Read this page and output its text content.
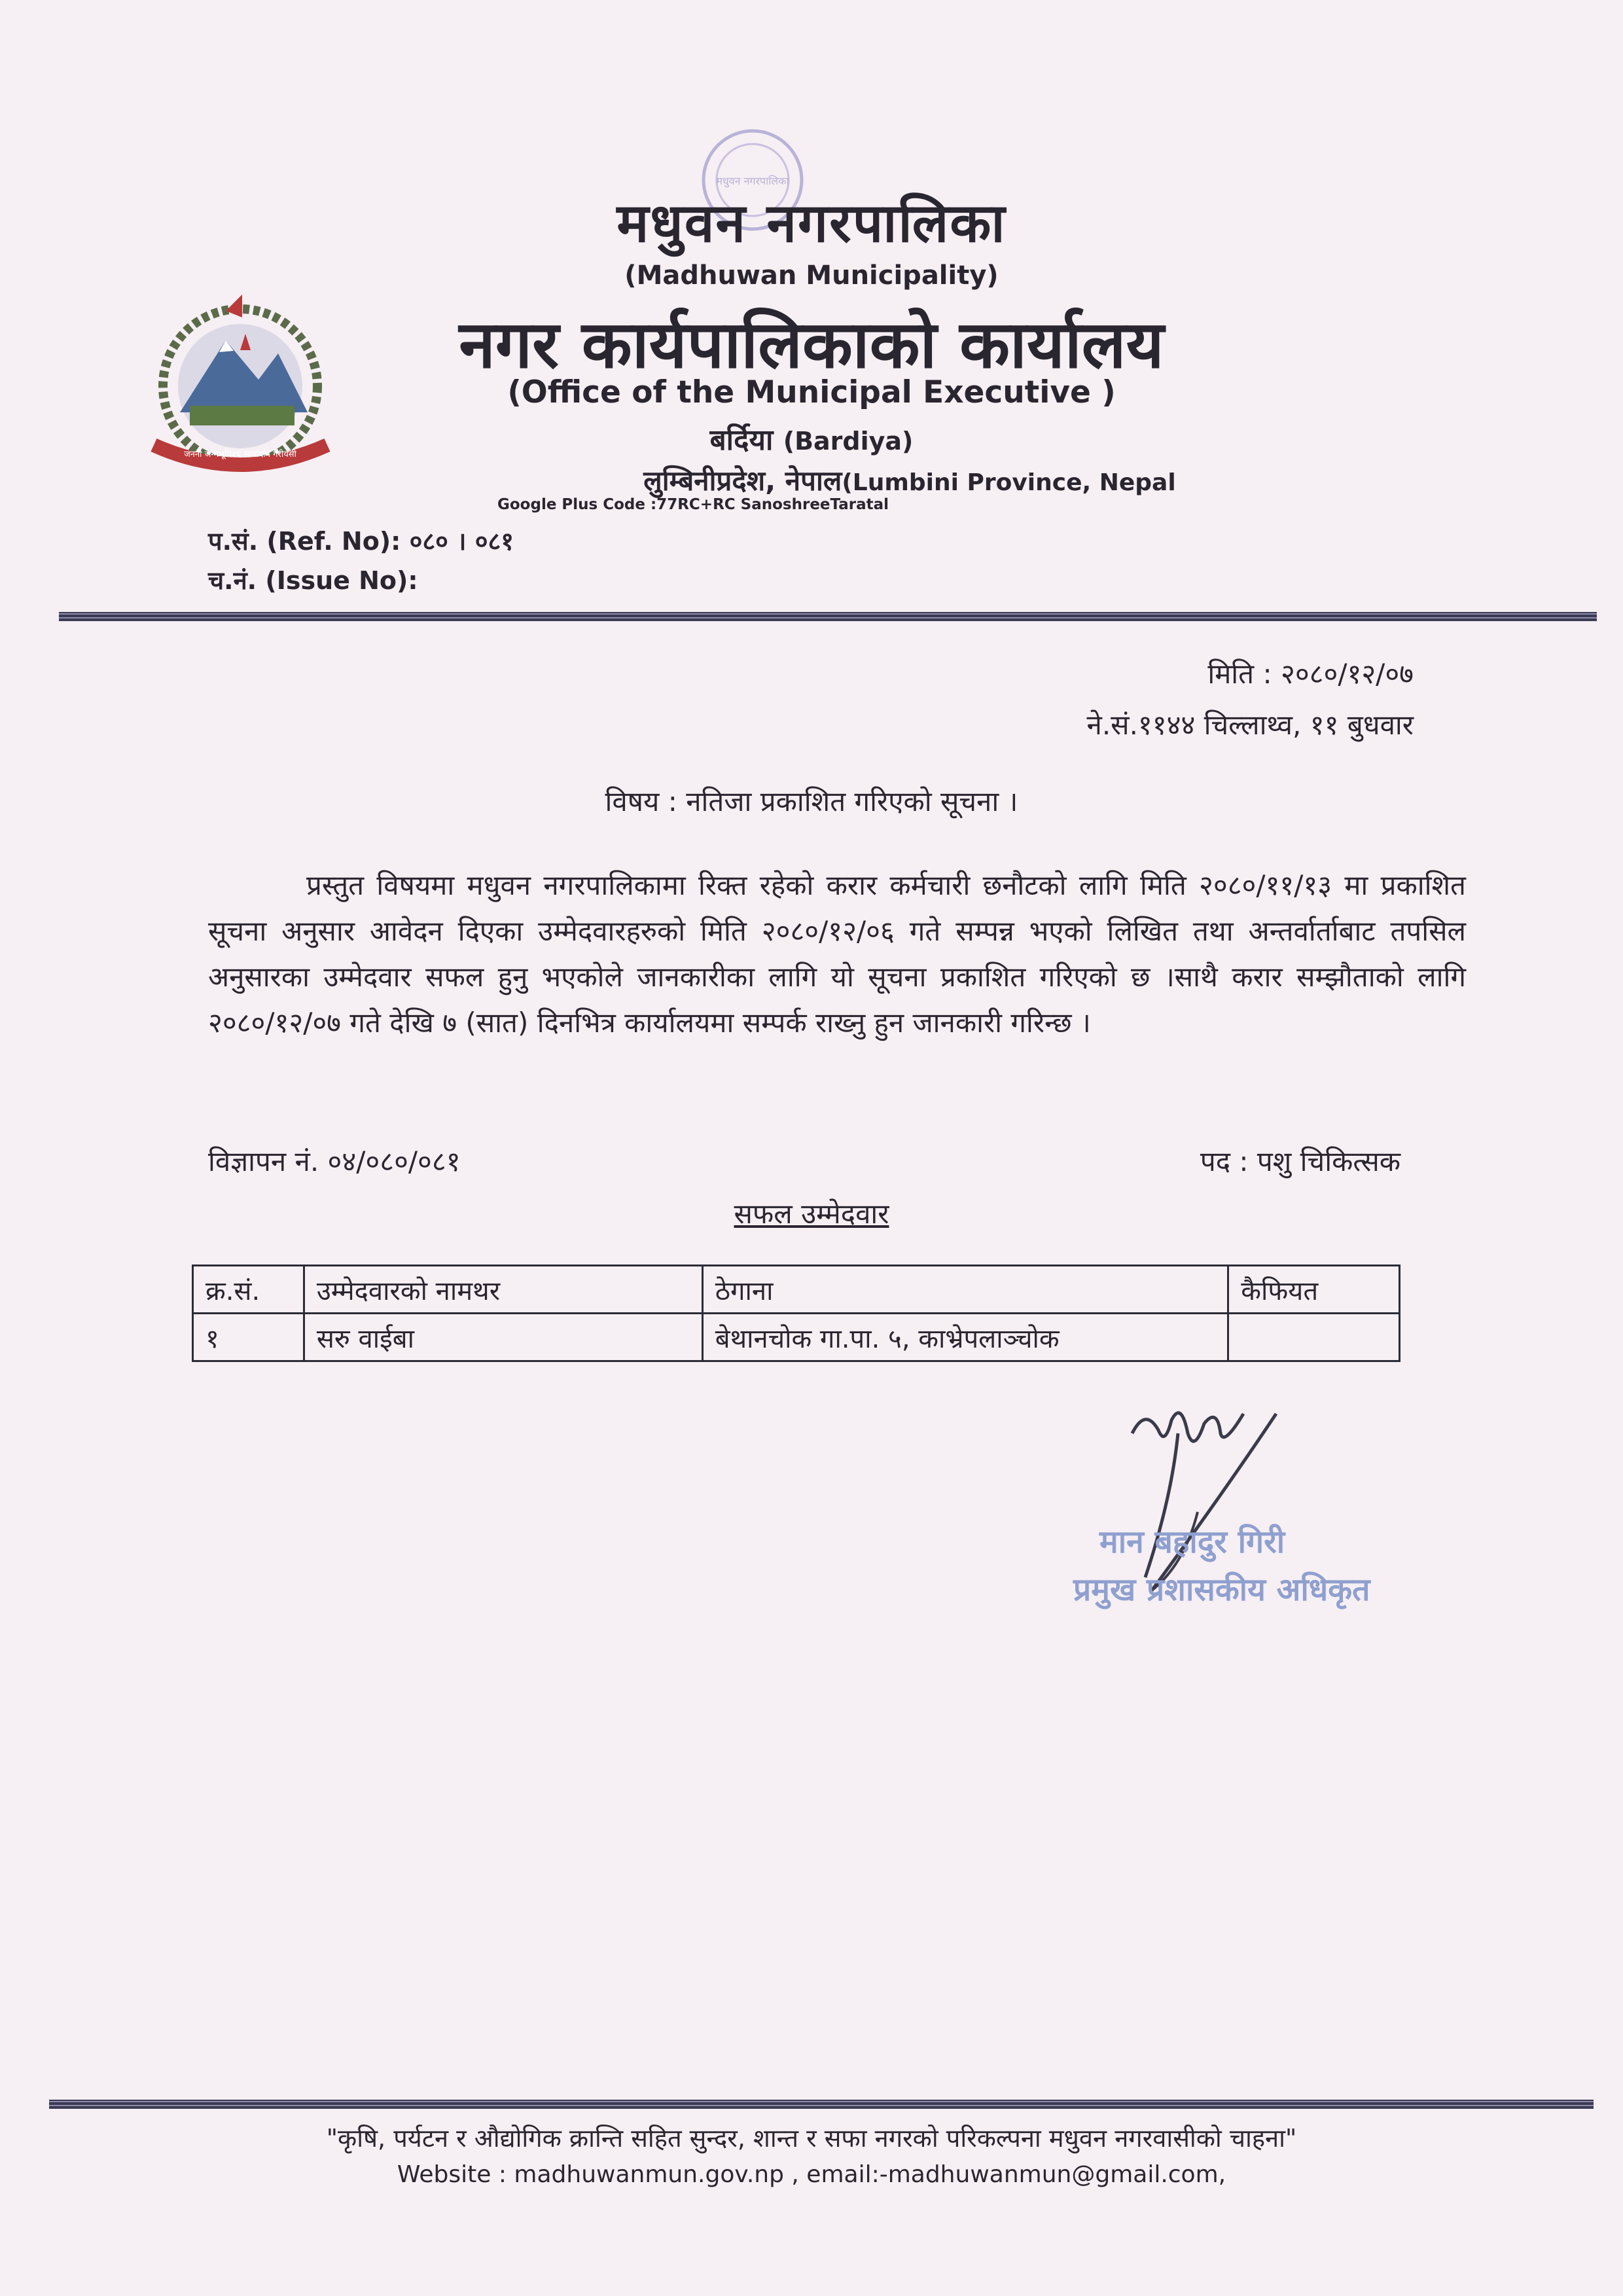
जननी जन्मभूमिश्च स्वर्गादपि गरीयसी
मधुवन नगरपालिका
मधुवन नगरपालिका
(Madhuwan Municipality)
नगर कार्यपालिकाको कार्यालय
(Office of the Municipal Executive )
बर्दिया (Bardiya)
लुम्बिनीप्रदेश, नेपाल(Lumbini Province, Nepal
Google Plus Code :77RC+RC SanoshreeTaratal
प.सं. (Ref. No): ०८० । ०८१
च.नं. (Issue No):
मिति : २०८०/१२/०७
ने.सं.११४४ चिल्लाथ्व, ११ बुधवार
विषय : नतिजा प्रकाशित गरिएको सूचना ।
प्रस्तुत विषयमा मधुवन नगरपालिकामा रिक्त रहेको करार कर्मचारी छनौटको लागि मिति २०८०/११/१३ मा प्रकाशित सूचना अनुसार आवेदन दिएका उम्मेदवारहरुको मिति २०८०/१२/०६ गते सम्पन्न भएको लिखित तथा अन्तर्वार्ताबाट तपसिल अनुसारका उम्मेदवार सफल हुनु भएकोले जानकारीका लागि यो सूचना प्रकाशित गरिएको छ ।साथै करार सम्झौताको लागि २०८०/१२/०७ गते देखि ७ (सात) दिनभित्र कार्यालयमा सम्पर्क राख्नु हुन जानकारी गरिन्छ ।
विज्ञापन नं. ०४/०८०/०८१	पद : पशु चिकित्सक
सफल उम्मेदवार
क्र.सं.	उम्मेदवारको नामथर	ठेगाना	कैफियत
१	सरु वाईबा	बेथानचोक गा.पा. ५, काभ्रेपलाञ्चोक	
मान बहादुर गिरी
प्रमुख प्रशासकीय अधिकृत
"कृषि, पर्यटन र औद्योगिक क्रान्ति सहित सुन्दर, शान्त र सफा नगरको परिकल्पना मधुवन नगरवासीको चाहना"
Website : madhuwanmun.gov.np , email:-madhuwanmun@gmail.com,
